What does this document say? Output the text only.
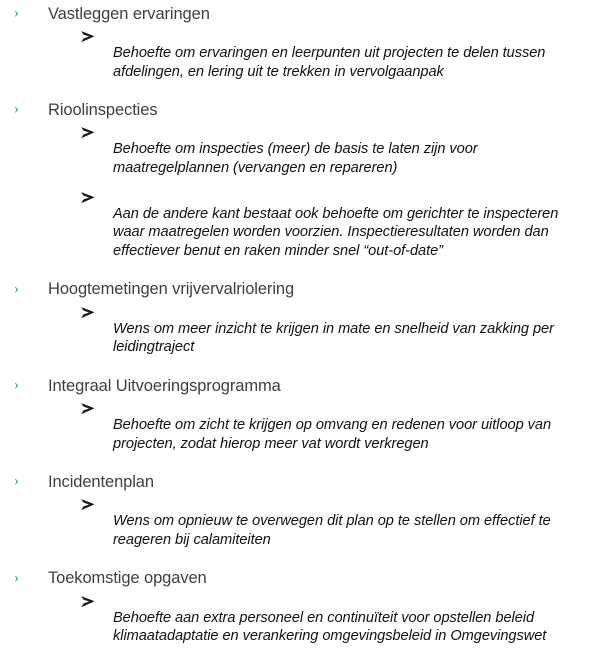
› Vastleggen ervaringen
Behoefte om ervaringen en leerpunten uit projecten te delen tussen afdelingen, en lering uit te trekken in vervolgaanpak
› Rioolinspecties
Behoefte om inspecties (meer) de basis te laten zijn voor maatregelplannen (vervangen en repareren)
Aan de andere kant bestaat ook behoefte om gerichter te inspecteren waar maatregelen worden voorzien. Inspectieresultaten worden dan effectiever benut en raken minder snel “out-of-date”
› Hoogtemetingen vrijvervalriolering
Wens om meer inzicht te krijgen in mate en snelheid van zakking per leidingtraject
› Integraal Uitvoeringsprogramma
Behoefte om zicht te krijgen op omvang en redenen voor uitloop van projecten, zodat hierop meer vat wordt verkregen
› Incidentenplan
Wens om opnieuw te overwegen dit plan op te stellen om effectief te reageren bij calamiteiten
› Toekomstige opgaven
Behoefte aan extra personeel en continuïteit voor opstellen beleid klimaatadaptatie en verankering omgevingsbeleid in Omgevingswet
